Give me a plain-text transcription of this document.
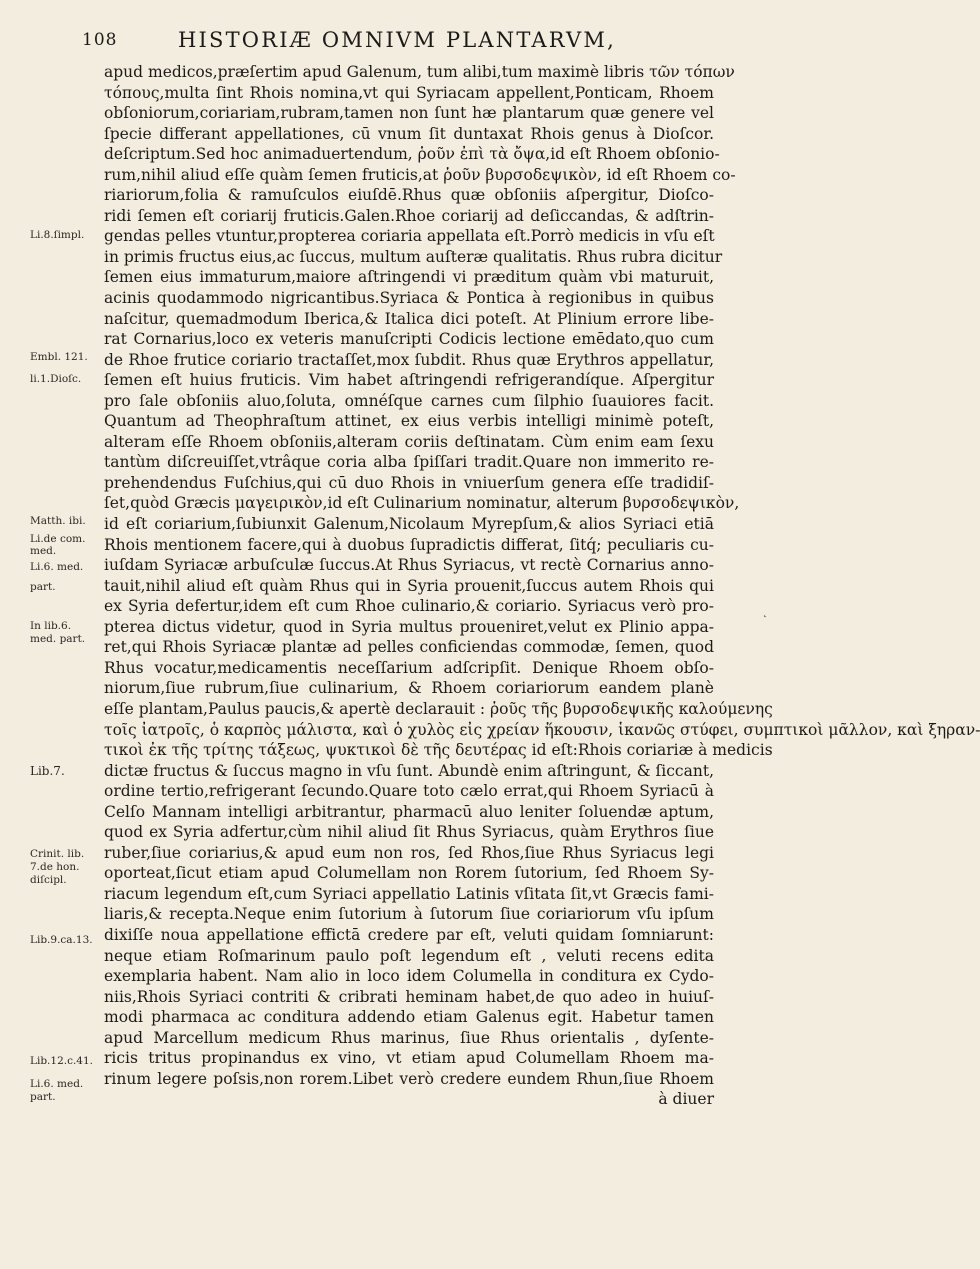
108	HISTORIÆ OMNIVM PLANTARVM,
Li.8.ſimpl.
Embl. 121.
li.1.Dioſc.
Matth. ibi.
Li.de com.
med.
Li.6. med.
part.
In lib.6.
med. part.
Lib.7.
Crinit. lib.
7.de hon.
diſcipl.
Lib.9.ca.13.
Lib.12.c.41.
Li.6. med.
part.
apud medicos,præſertim apud Galenum, tum alibi,tum maximè libris τῶν τόπων
τόπους,multa ſint Rhois nomina,vt qui Syriacam appellent,Ponticam, Rhoem
obſoniorum,coriariam,rubram,tamen non ſunt hæ plantarum quæ genere vel
ſpecie differant appellationes, cū vnum ſit duntaxat Rhois genus à Dioſcor.
deſcriptum.Sed hoc animaduertendum, ῥοῦν ἐπὶ τὰ ὄψα,id eſt Rhoem obſonio-
rum,nihil aliud eſſe quàm ſemen fruticis,at ῥοῦν βυρσοδεψικὸν, id eſt Rhoem co-
riariorum,folia & ramuſculos eiuſdē.Rhus quæ obſoniis aſpergitur, Dioſco-
ridi ſemen eſt coriarij fruticis.Galen.Rhoe coriarij ad deſiccandas, & adſtrin-
gendas pelles vtuntur,propterea coriaria appellata eſt.Porrò medicis in vſu eſt
in primis fructus eius,ac ſuccus, multum auſteræ qualitatis. Rhus rubra dicitur
ſemen eius immaturum,maiore aſtringendi vi præditum quàm vbi maturuit,
acinis quodammodo nigricantibus.Syriaca & Pontica à regionibus in quibus
naſcitur, quemadmodum Iberica,& Italica dici poteſt. At Plinium errore libe-
rat Cornarius,loco ex veteris manuſcripti Codicis lectione emēdato,quo cum
de Rhoe frutice coriario tractaſſet,mox ſubdit. Rhus quæ Erythros appellatur,
ſemen eſt huius fruticis. Vim habet aſtringendi refrigerandíque. Aſpergitur
pro ſale obſoniis aluo,ſoluta, omnéſque carnes cum ſilphio ſuauiores facit.
Quantum ad Theophraſtum attinet, ex eius verbis intelligi minimè poteſt,
alteram eſſe Rhoem obſoniis,alteram coriis deſtinatam. Cùm enim eam ſexu
tantùm diſcreuiſſet,vtrâque coria alba ſpiſſari tradit.Quare non immerito re-
prehendendus Fuſchius,qui cū duo Rhois in vniuerſum genera eſſe tradidiſ-
ſet,quòd Græcis μαγειρικὸν,id eſt Culinarium nominatur, alterum βυρσοδεψικὸν,
id eſt coriarium,ſubiunxit Galenum,Nicolaum Myrepſum,& alios Syriaci etiā
Rhois mentionem facere,qui à duobus ſupradictis differat, ſitq́; peculiaris cu-
iuſdam Syriacæ arbuſculæ ſuccus.At Rhus Syriacus, vt rectè Cornarius anno-
tauit,nihil aliud eſt quàm Rhus qui in Syria prouenit,ſuccus autem Rhois qui
ex Syria defertur,idem eſt cum Rhoe culinario,& coriario. Syriacus verò pro-
pterea dictus videtur, quod in Syria multus proueniret,velut ex Plinio appa-
ret,qui Rhois Syriacæ plantæ ad pelles conficiendas commodæ, ſemen, quod
Rhus vocatur,medicamentis neceſſarium adſcripſit. Denique Rhoem obſo-
niorum,ſiue rubrum,ſiue culinarium, & Rhoem coriariorum eandem planè
eſſe plantam,Paulus paucis,& apertè declarauit : ῥοῦς τῆς βυρσοδεψικῆς καλούμενης
τοῖς ἰατροῖς, ὁ καρπὸς μάλιστα, καὶ ὁ χυλὸς εἰς χρείαν ἥκουσιν, ἱκανῶς στύφει, συμπτικοὶ μᾶλλον, καὶ ξηραν-
τικοὶ ἐκ τῆς τρίτης τάξεως, ψυκτικοὶ δὲ τῆς δευτέρας id eſt:Rhois coriariæ à medicis
dictæ fructus & ſuccus magno in vſu ſunt. Abundè enim aſtringunt, & ſiccant,
ordine tertio,refrigerant ſecundo.Quare toto cælo errat,qui Rhoem Syriacū à
Celſo Mannam intelligi arbitrantur, pharmacū aluo leniter ſoluendæ aptum,
quod ex Syria adfertur,cùm nihil aliud ſit Rhus Syriacus, quàm Erythros ſiue
ruber,ſiue coriarius,& apud eum non ros, ſed Rhos,ſiue Rhus Syriacus legi
oporteat,ſicut etiam apud Columellam non Rorem ſutorium, ſed Rhoem Sy-
riacum legendum eſt,cum Syriaci appellatio Latinis vſitata ſit,vt Græcis fami-
liaris,& recepta.Neque enim ſutorium à ſutorum ſiue coriariorum vſu ipſum
dixiſſe noua appellatione effictā credere par eſt, veluti quidam ſomniarunt:
neque etiam Roſmarinum paulo poſt legendum eſt , veluti recens edita
exemplaria habent. Nam alio in loco idem Columella in conditura ex Cydo-
niis,Rhois Syriaci contriti & cribrati heminam habet,de quo adeo in huiuſ-
modi pharmaca ac conditura addendo etiam Galenus egit. Habetur tamen
apud Marcellum medicum Rhus marinus, ſiue Rhus orientalis , dyſente-
ricis tritus propinandus ex vino, vt etiam apud Columellam Rhoem ma-
rinum legere poſsis,non rorem.Libet verò credere eundem Rhun,ſiue Rhoem
à diuer
˛
